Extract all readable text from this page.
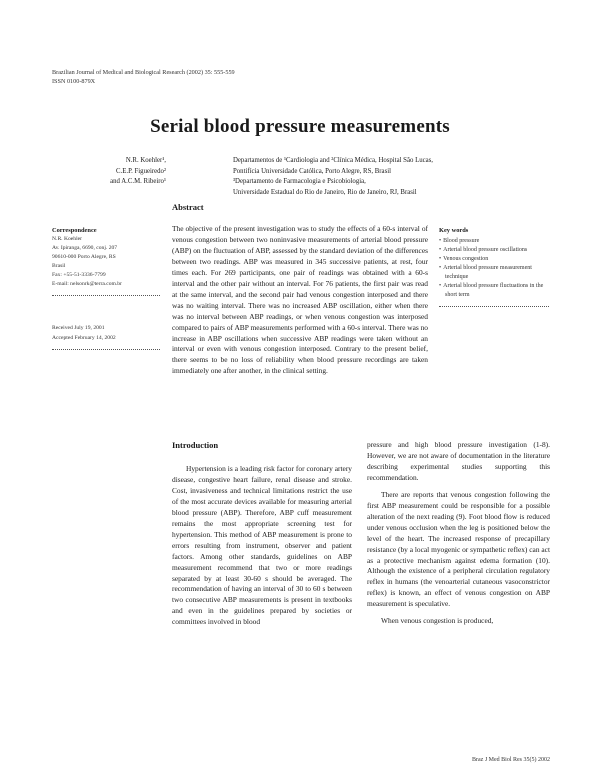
Brazilian Journal of Medical and Biological Research (2002) 35: 555-559
ISSN 0100-879X
Serial blood pressure measurements
N.R. Koehler¹,
C.E.P. Figueiredo²
and A.C.M. Ribeiro¹
Departamentos de ¹Cardiologia and ²Clínica Médica, Hospital São Lucas,
Pontifícia Universidade Católica, Porto Alegre, RS, Brasil
³Departamento de Farmacologia e Psicobiologia,
Universidade Estadual do Rio de Janeiro, Rio de Janeiro, RJ, Brasil
Abstract
The objective of the present investigation was to study the effects of a 60-s interval of venous congestion between two noninvasive measurements of arterial blood pressure (ABP) on the fluctuation of ABP, assessed by the standard deviation of the differences between two readings. ABP was measured in 345 successive patients, at rest, four times each. For 269 participants, one pair of readings was obtained with a 60-s interval and the other pair without an interval. For 76 patients, the first pair was read at the same interval, and the second pair had venous congestion interposed and there was no waiting interval. There was no increased ABP oscillation, either when there was no interval between ABP readings, or when venous congestion was interposed compared to pairs of ABP measurements performed with a 60-s interval. There was no increase in ABP oscillations when successive ABP readings were taken without an interval or even with venous congestion interposed. Contrary to the present belief, there seems to be no loss of reliability when blood pressure recordings are taken immediately one after another, in the clinical setting.
Correspondence
N.R. Koehler
Av. Ipiranga, 6690, conj. 207
90610-000 Porto Alegre, RS
Brasil
Fax: +55-51-3336-7799
E-mail: nelsonrk@terra.com.br
Received July 19, 2001
Accepted February 14, 2002
Key words
• Blood pressure
• Arterial blood pressure oscillations
• Venous congestion
• Arterial blood pressure measurement technique
• Arterial blood pressure fluctuations in the short term
Introduction
Hypertension is a leading risk factor for coronary artery disease, congestive heart failure, renal disease and stroke. Cost, invasiveness and technical limitations restrict the use of the most accurate devices available for measuring arterial blood pressure (ABP). Therefore, ABP cuff measurement remains the most appropriate screening test for hypertension. This method of ABP measurement is prone to errors resulting from instrument, observer and patient factors. Among other standards, guidelines on ABP measurement recommend that two or more readings separated by at least 30-60 s should be averaged. The recommendation of having an interval of 30 to 60 s between two consecutive ABP measurements is present in textbooks and even in the guidelines prepared by societies or committees involved in blood

pressure and high blood pressure investigation (1-8). However, we are not aware of documentation in the literature describing experimental studies supporting this recommendation.

There are reports that venous congestion following the first ABP measurement could be responsible for a possible alteration of the next reading (9). Foot blood flow is reduced under venous occlusion when the leg is positioned below the level of the heart. The increased response of precapillary resistance (by a local myogenic or sympathetic reflex) can act as a protective mechanism against edema formation (10). Although the existence of a peripheral circulation regulatory reflex in humans (the venoarterial cutaneous vasoconstrictor reflex) is known, an effect of venous congestion on ABP measurement is speculative.

When venous congestion is produced,

Braz J Med Biol Res 35(5) 2002
